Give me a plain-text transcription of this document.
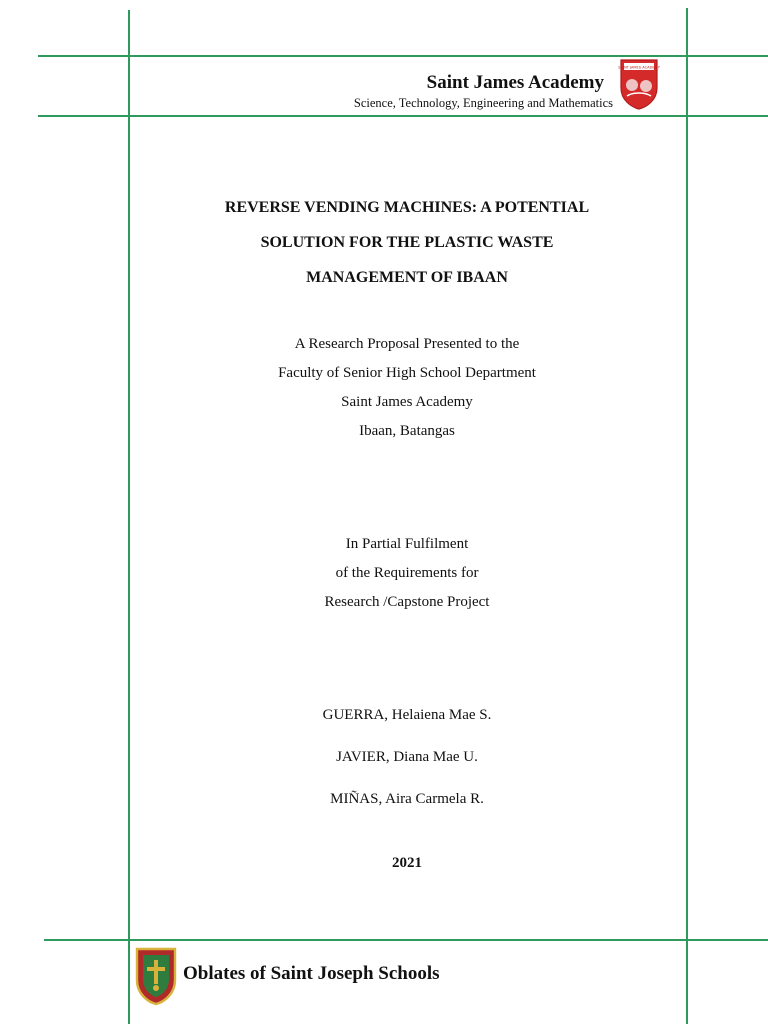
Saint James Academy
Science, Technology, Engineering and Mathematics
SAINT JAMES ACADEMY
REVERSE VENDING MACHINES: A POTENTIAL
SOLUTION FOR THE PLASTIC WASTE
MANAGEMENT OF IBAAN
A Research Proposal Presented to the
Faculty of Senior High School Department
Saint James Academy
Ibaan, Batangas
In Partial Fulfilment
of the Requirements for
Research /Capstone Project
GUERRA, Helaiena Mae S.
JAVIER, Diana Mae U.
MIÑAS, Aira Carmela R.
2021
Oblates of Saint Joseph Schools
